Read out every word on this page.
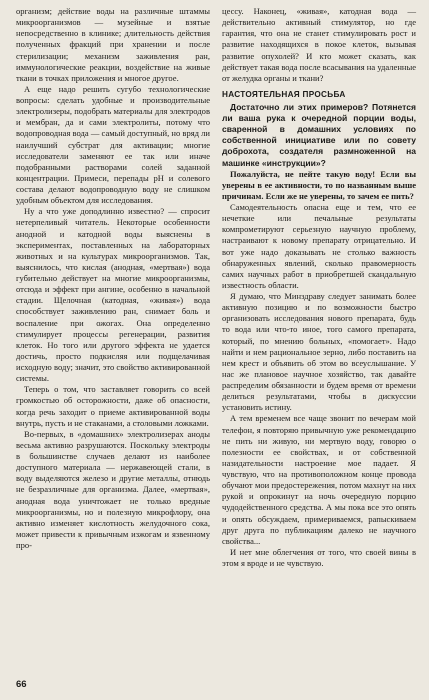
организм; действие воды на различные штаммы микроорганизмов — музейные и взятые непосредственно в клинике; длительность действия полученных фракций при хранении и после стерилизации; механизм заживления ран, иммунологические реакции, воздействие на живые ткани в точках приложения и многое другое.

А еще надо решить сугубо технологические вопросы: сделать удобные и производительные электролизеры, подобрать материалы для электродов и мембран, да и сами электролиты, потому что водопроводная вода — самый доступный, но вряд ли наилучший субстрат для активации; многие исследователи заменяют ее так или иначе подобранными растворами солей заданной концентрации. Примеси, перепады pH и солевого состава делают водопроводную воду не слишком удобным объектом для исследования.

Ну а что уже доподлинно известно? — спросит нетерпеливый читатель. Некоторые особенности анодной и катодной воды выяснены в экспериментах, поставленных на лабораторных животных и на культурах микроорганизмов. Так, выяснилось, что кислая (анодная, «мертвая») вода губительно действует на многие микроорганизмы, отсюда и эффект при ангине, особенно в начальной стадии. Щелочная (катодная, «живая») вода способствует заживлению ран, снимает боль и воспаление при ожогах. Она определенно стимулирует процессы регенерации, развития клеток. Но того или другого эффекта не удается достичь, просто подкисляя или подщелачивая исходную воду; значит, это свойство активированной системы.

Теперь о том, что заставляет говорить со всей громкостью об осторожности, даже об опасности, когда речь заходит о приеме активированной воды внутрь, пусть и не стаканами, а столовыми ложками.

Во-первых, в «домашних» электролизерах аноды весьма активно разрушаются. Поскольку электроды в большинстве случаев делают из наиболее доступного материала — нержавеющей стали, в воду выделяются железо и другие металлы, отнюдь не безразличные для организма. Далее, «мертвая», анодная вода уничтожает не только вредные микроорганизмы, но и полезную микрофлору, она активно изменяет кислотность желудочного сока, может привести к привычным изжогам и язвенному про-

цессу. Наконец, «живая», катодная вода — действительно активный стимулятор, но где гарантия, что она не станет стимулировать рост и развитие находящихся в покое клеток, вызывая развитие опухолей? И кто может сказать, как действует такая вода после всасывания на удаленные от желудка органы и ткани?

НАСТОЯТЕЛЬНАЯ ПРОСЬБА

Достаточно ли этих примеров? Потянется ли ваша рука к очередной порции воды, сваренной в домашних условиях по собственной инициативе или по совету доброхота, создателя размноженной на машинке «инструкции»?

Пожалуйста, не пейте такую воду! Если вы уверены в ее активности, то по названным выше причинам. Если же не уверены, то зачем ее пить?

Самодеятельность опасна еще и тем, что ее нечеткие или печальные результаты компрометируют серьезную научную проблему, настраивают к новому препарату отрицательно. И вот уже надо доказывать не столько важность обнаруженных явлений, сколько правомерность самих научных работ в приобретшей скандальную известность области.

Я думаю, что Минздраву следует занимать более активную позицию и по возможности быстро организовать исследования нового препарата, будь то вода или что-то иное, того самого препарата, который, по мнению больных, «помогает». Надо найти и нем рациональное зерно, либо поставить на нем крест и объявить об этом во всеуслышание. У нас же плановое научное хозяйство, так давайте распределим обязанности и будем время от времени делиться результатами, чтобы в дискуссии установить истину.

А тем временем все чаще звонит по вечерам мой телефон, я повторяю привычную уже рекомендацию не пить ни живую, ни мертвую воду, говорю о полезности ее свойствах, и от собственной назидательности настроение мое падает. Я чувствую, что на противоположном конце провода обучают мои предостережения, потом махнут на них рукой и опрокинут на ночь очередную порцию чудодейственного средства. А мы пока все это опять и опять обсуждаем, примериваемся, рапыскиваем друг друга по публикациям далеко не научного свойства...

И нет мне облегчения от того, что своей вины в этом я вроде и не чувствую.

66
